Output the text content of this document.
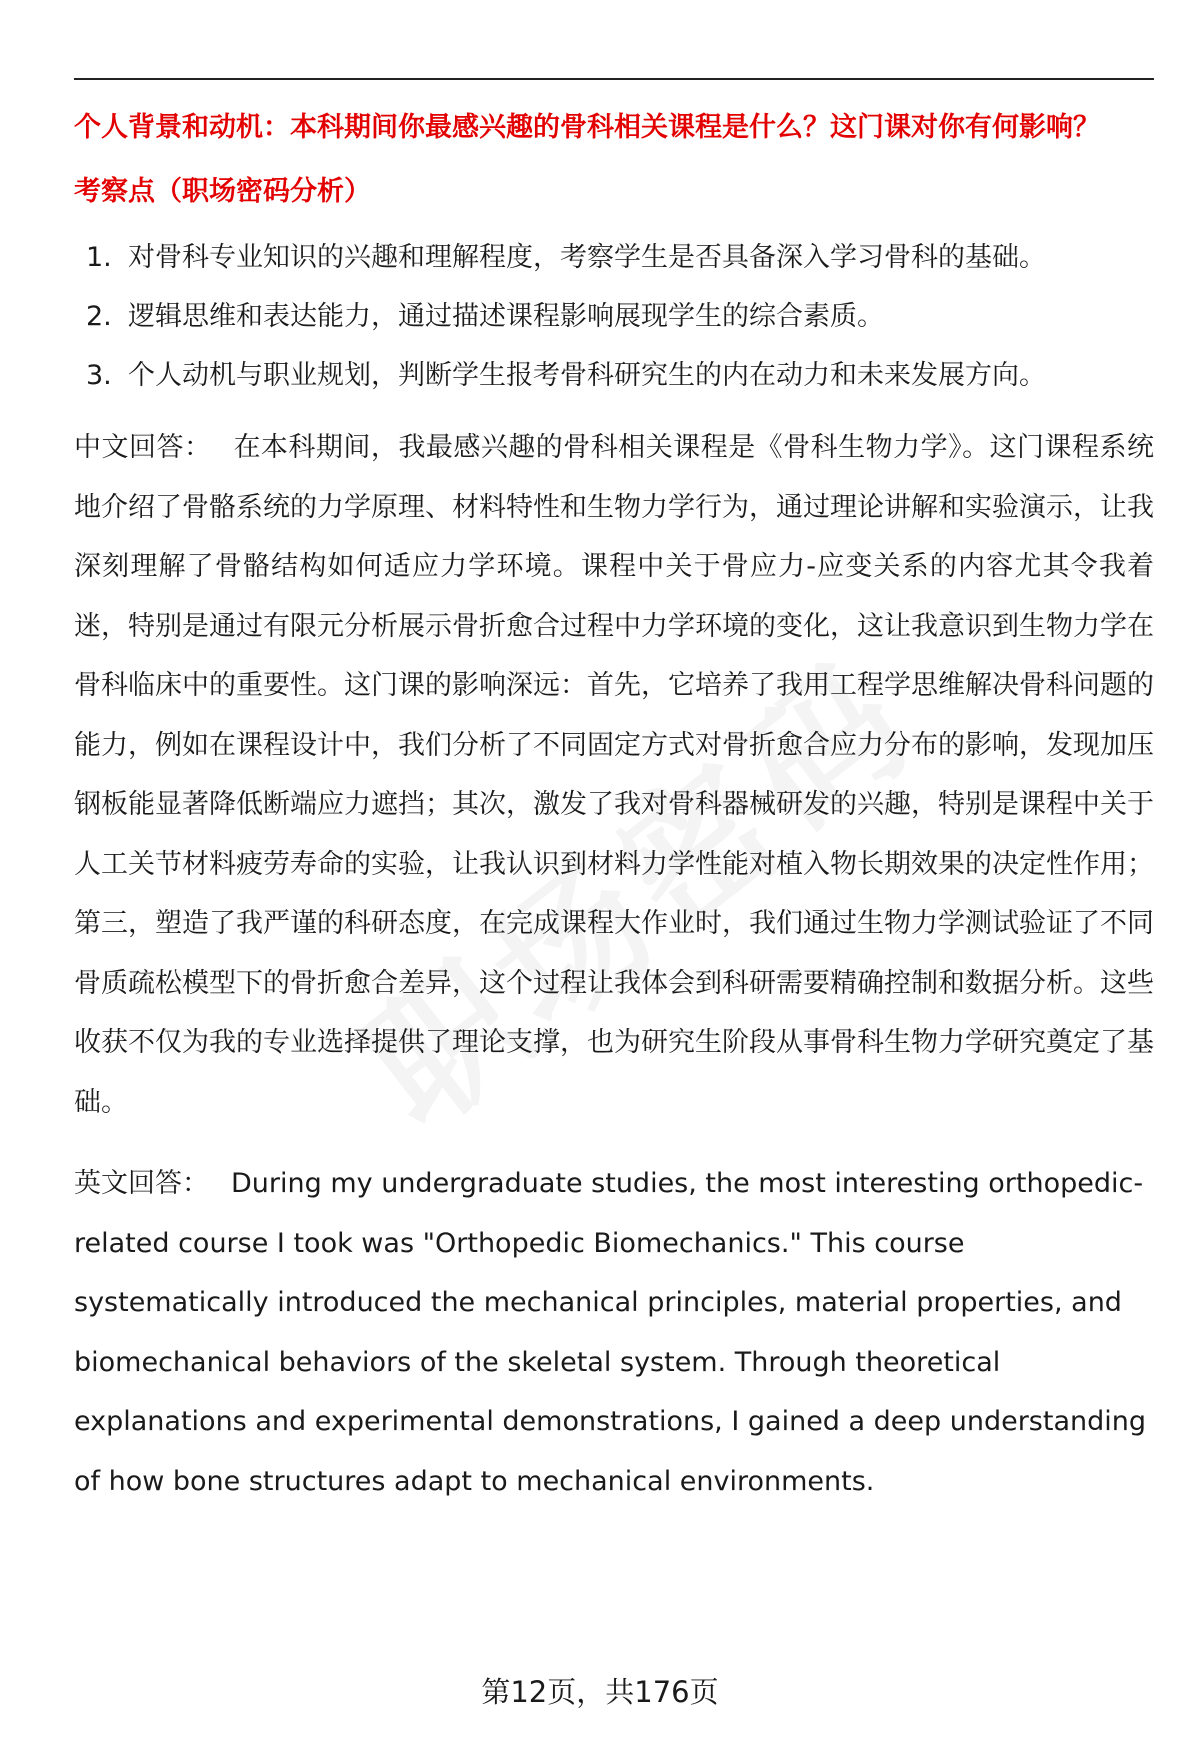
个人背景和动机：本科期间你最感兴趣的骨科相关课程是什么？这门课对你有何影响？

考察点（职场密码分析）

1. 对骨科专业知识的兴趣和理解程度，考察学生是否具备深入学习骨科的基础。
2. 逻辑思维和表达能力，通过描述课程影响展现学生的综合素质。
3. 个人动机与职业规划，判断学生报考骨科研究生的内在动力和未来发展方向。

中文回答： 在本科期间，我最感兴趣的骨科相关课程是《骨科生物力学》。这门课程系统地介绍了骨骼系统的力学原理、材料特性和生物力学行为，通过理论讲解和实验演示，让我深刻理解了骨骼结构如何适应力学环境。课程中关于骨应力-应变关系的内容尤其令我着迷，特别是通过有限元分析展示骨折愈合过程中力学环境的变化，这让我意识到生物力学在骨科临床中的重要性。这门课的影响深远：首先，它培养了我用工程学思维解决骨科问题的能力，例如在课程设计中，我们分析了不同固定方式对骨折愈合应力分布的影响，发现加压钢板能显著降低断端应力遮挡；其次，激发了我对骨科器械研发的兴趣，特别是课程中关于人工关节材料疲劳寿命的实验，让我认识到材料力学性能对植入物长期效果的决定性作用；第三，塑造了我严谨的科研态度，在完成课程大作业时，我们通过生物力学测试验证了不同骨质疏松模型下的骨折愈合差异，这个过程让我体会到科研需要精确控制和数据分析。这些收获不仅为我的专业选择提供了理论支撑，也为研究生阶段从事骨科生物力学研究奠定了基础。

英文回答： During my undergraduate studies, the most interesting orthopedic-related course I took was "Orthopedic Biomechanics." This course systematically introduced the mechanical principles, material properties, and biomechanical behaviors of the skeletal system. Through theoretical explanations and experimental demonstrations, I gained a deep understanding of how bone structures adapt to mechanical environments.

第12页，共176页
